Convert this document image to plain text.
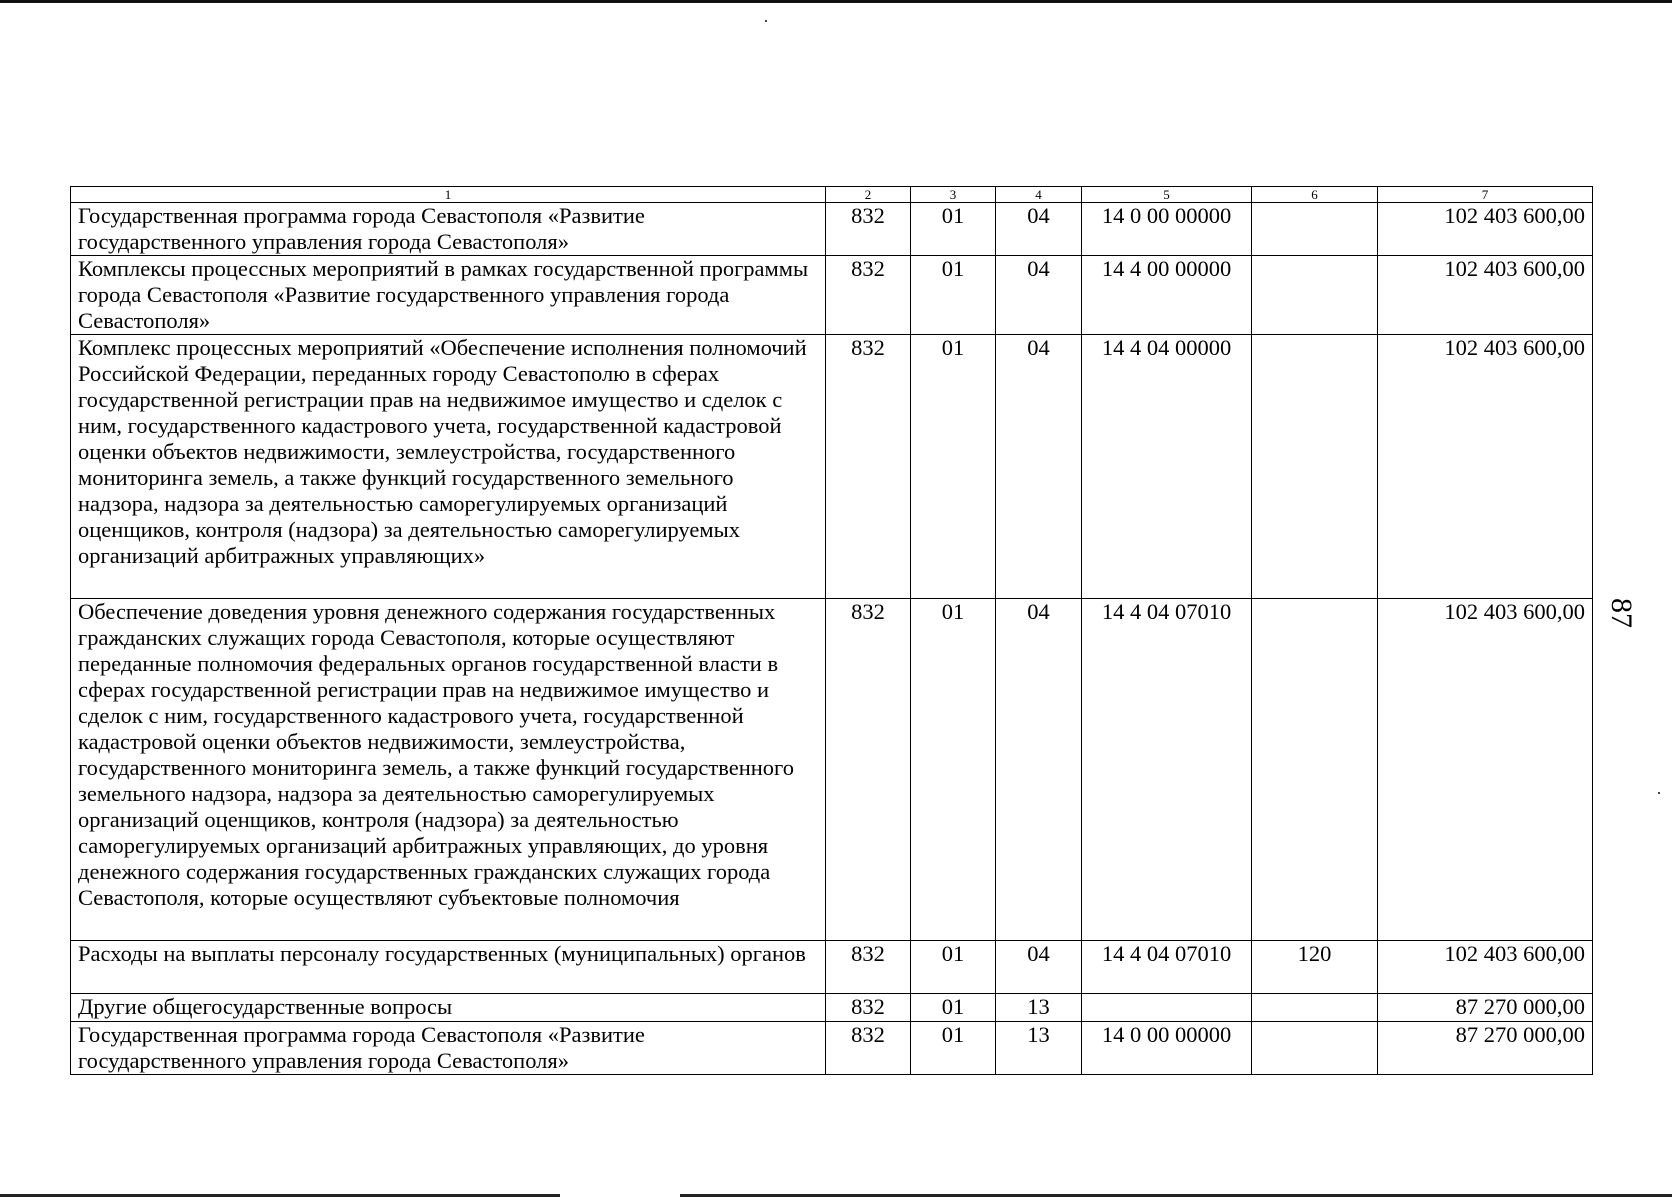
1	2	3	4	5	6	7
Государственная программа города Севастополя «Развитие государственного управления города Севастополя»	832	01	04	14 0 00 00000		102 403 600,00
Комплексы процессных мероприятий в рамках государственной программы города Севастополя «Развитие государственного управления города Севастополя»	832	01	04	14 4 00 00000		102 403 600,00
Комплекс процессных мероприятий «Обеспечение исполнения полномочий Российской Федерации, переданных городу Севастополю в сферах государственной регистрации прав на недвижимое имущество и сделок с ним, государственного кадастрового учета, государственной кадастровой оценки объектов недвижимости, землеустройства, государственного мониторинга земель, а также функций государственного земельного надзора, надзора за деятельностью саморегулируемых организаций оценщиков, контроля (надзора) за деятельностью саморегулируемых организаций арбитражных управляющих»	832	01	04	14 4 04 00000		102 403 600,00
Обеспечение доведения уровня денежного содержания государственных гражданских служащих города Севастополя, которые осуществляют переданные полномочия федеральных органов государственной власти в сферах государственной регистрации прав на недвижимое имущество и сделок с ним, государственного кадастрового учета, государственной кадастровой оценки объектов недвижимости, землеустройства, государственного мониторинга земель, а также функций государственного земельного надзора, надзора за деятельностью саморегулируемых организаций оценщиков, контроля (надзора) за деятельностью саморегулируемых организаций арбитражных управляющих, до уровня денежного содержания государственных гражданских служащих города Севастополя, которые осуществляют субъектовые полномочия	832	01	04	14 4 04 07010		102 403 600,00
Расходы на выплаты персоналу государственных (муниципальных) органов	832	01	04	14 4 04 07010	120	102 403 600,00
Другие общегосударственные вопросы	832	01	13			87 270 000,00
Государственная программа города Севастополя «Развитие государственного управления города Севастополя»	832	01	13	14 0 00 00000		87 270 000,00
87
